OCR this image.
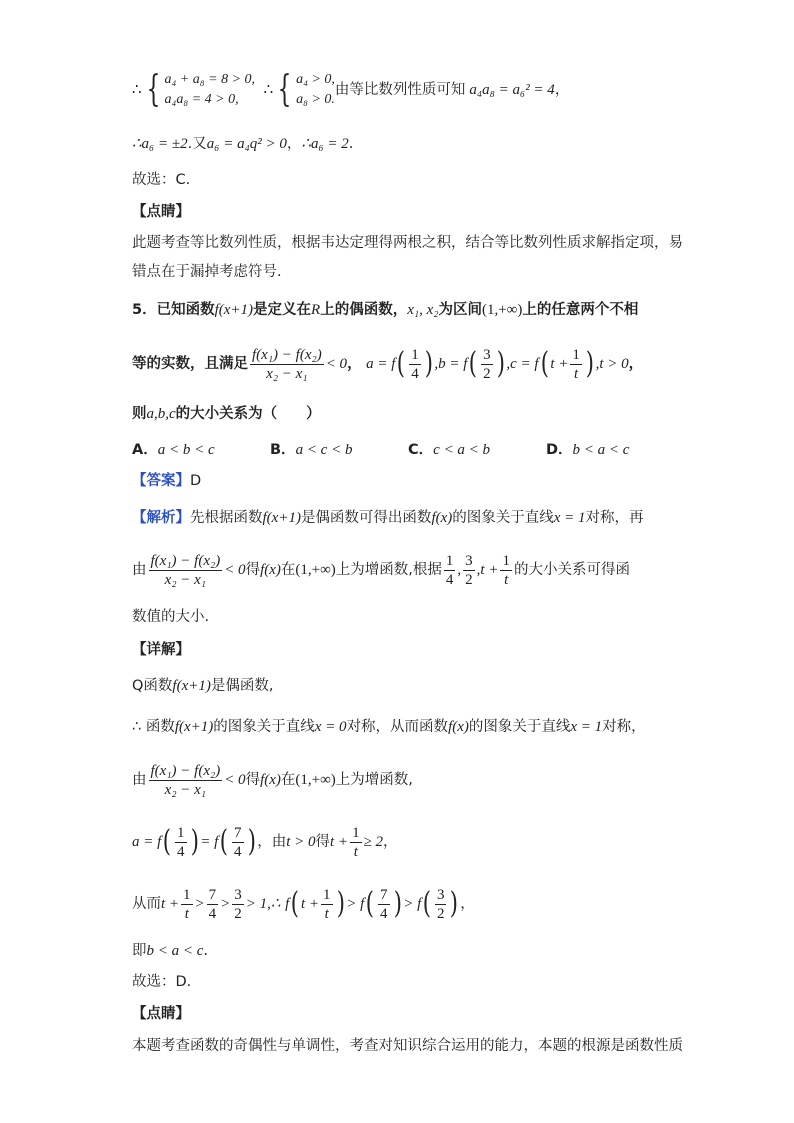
∴ { a₄ + a₈ = 8 > 0,
a₄a₈ = 4 > 0,
∴ { a₄ > 0,
a₈ > 0.
由等比数列性质可知 a₄a₈ = a₆² = 4，
∴a₆ = ±2.又a₆ = a₄q² > 0，∴a₆ = 2.
故选：C.
【点睛】
此题考查等比数列性质，根据韦达定理得两根之积，结合等比数列性质求解指定项，易
错点在于漏掉考虑符号.
5．已知函数f(x+1)是定义在R上的偶函数，x₁, x₂为区间(1,+∞)上的任意两个不相
等的实数，且满足 $\frac{\text{f(x₁) − f(x₂)}}{\text{x₂ − x₁}} < 0$， $a = f( \frac{1}{4}$ ) $,b = f( \frac{3}{2}$ ) ,c = f( $t + \frac{1}{t}$ ) ,t > 0，
则a,b,c的大小关系为（　　）
A．a < b < c	B．a < c < b	C．c < a < b	D．b < a < c
【答案】D
【解析】先根据函数f(x+1)是偶函数可得出函数f(x)的图象关于直线x = 1对称，再
由 $\frac{\text{f(x₁) − f(x₂)}}{\text{x₂ − x₁}} < 0$得f(x)在(1,+∞)上为增函数,根据 $\frac{1}{4}$ , $\frac{3}{2} ,t + \frac{1}{t}$ 的大小关系可得函
数值的大小.
【详解】
Q函数f(x+1)是偶函数,
∴ 函数f(x+1)的图象关于直线x = 0对称，从而函数f(x)的图象关于直线x = 1对称，
由 $\frac{\text{f(x₁) − f(x₂)}}{\text{x₂ − x₁}} < 0$得f(x)在(1,+∞)上为增函数,
$a = f( \frac{1}{4}$ ) = $f( \frac{7}{4}$ ) ，由t > 0得$t + \frac{1}{t} \ge 2$，
从而$t + \frac{1}{t} > \frac{7}{4} > \frac{3}{2}$ > 1,∴ f( $t + \frac{1}{t}$ ) > $f( \frac{7}{4}$ ) > $f( \frac{3}{2}$ ) ，
即b < a < c.
故选：D.
【点睛】
本题考查函数的奇偶性与单调性，考查对知识综合运用的能力，本题的根源是函数性质
